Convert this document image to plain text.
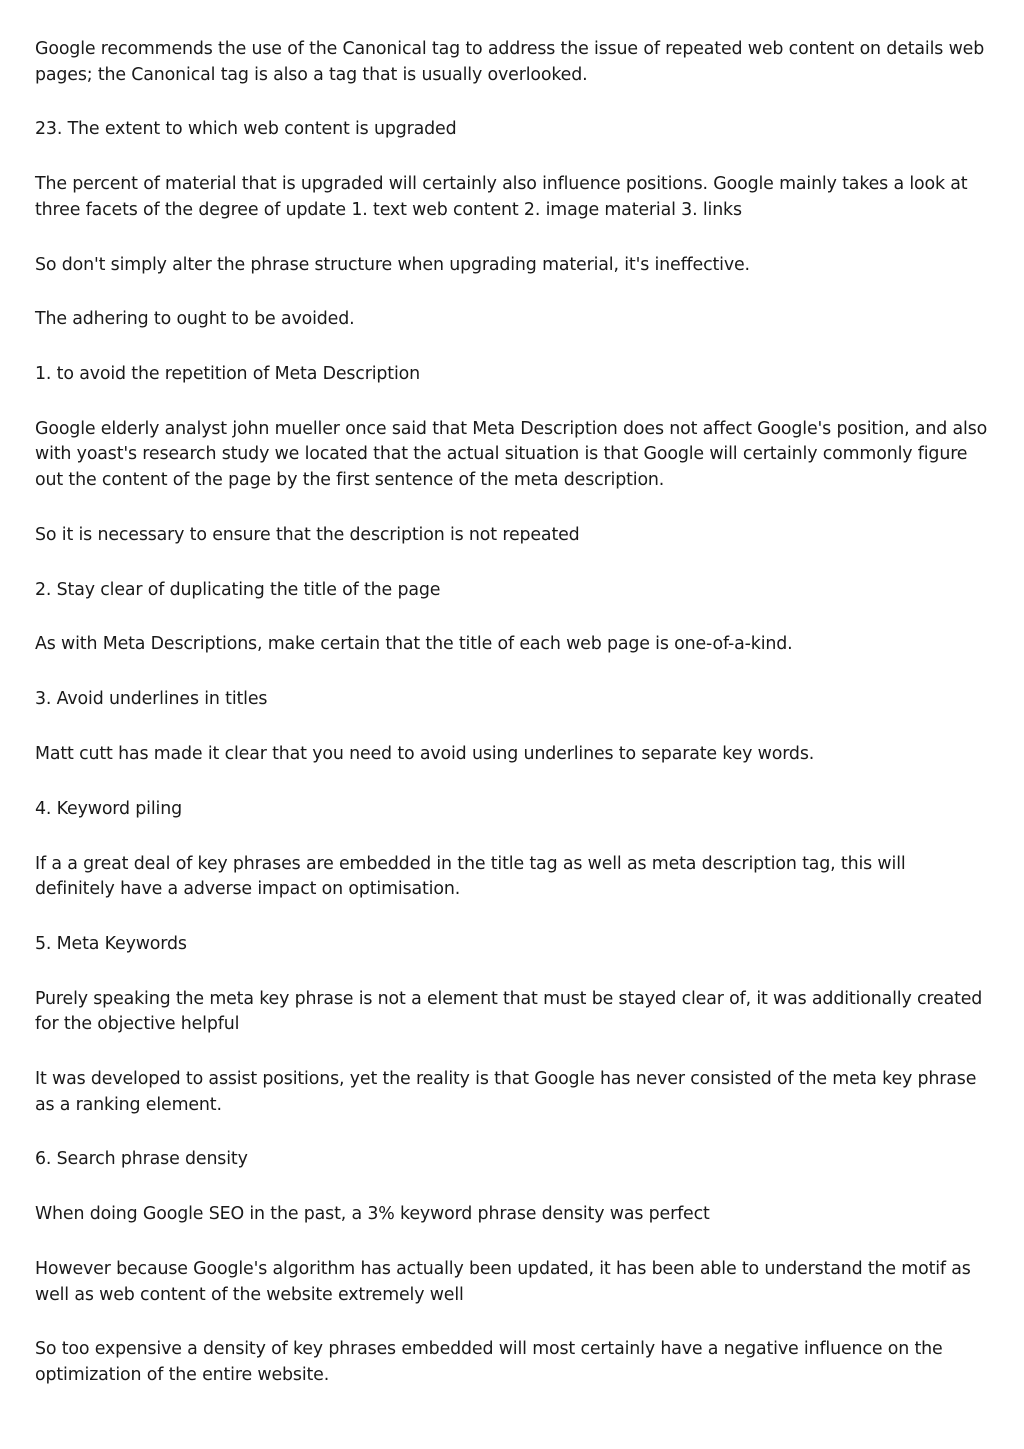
Google recommends the use of the Canonical tag to address the issue of repeated web content on details web pages; the Canonical tag is also a tag that is usually overlooked.

23. The extent to which web content is upgraded

The percent of material that is upgraded will certainly also influence positions. Google mainly takes a look at three facets of the degree of update 1. text web content 2. image material 3. links

So don't simply alter the phrase structure when upgrading material, it's ineffective.

The adhering to ought to be avoided.

1. to avoid the repetition of Meta Description

Google elderly analyst john mueller once said that Meta Description does not affect Google's position, and also with yoast's research study we located that the actual situation is that Google will certainly commonly figure out the content of the page by the first sentence of the meta description.

So it is necessary to ensure that the description is not repeated

2. Stay clear of duplicating the title of the page

As with Meta Descriptions, make certain that the title of each web page is one-of-a-kind.

3. Avoid underlines in titles

Matt cutt has made it clear that you need to avoid using underlines to separate key words.

4. Keyword piling

If a a great deal of key phrases are embedded in the title tag as well as meta description tag, this will definitely have a adverse impact on optimisation.

5. Meta Keywords

Purely speaking the meta key phrase is not a element that must be stayed clear of, it was additionally created for the objective helpful

It was developed to assist positions, yet the reality is that Google has never consisted of the meta key phrase as a ranking element.

6. Search phrase density

When doing Google SEO in the past, a 3% keyword phrase density was perfect

However because Google's algorithm has actually been updated, it has been able to understand the motif as well as web content of the website extremely well

So too expensive a density of key phrases embedded will most certainly have a negative influence on the optimization of the entire website.
